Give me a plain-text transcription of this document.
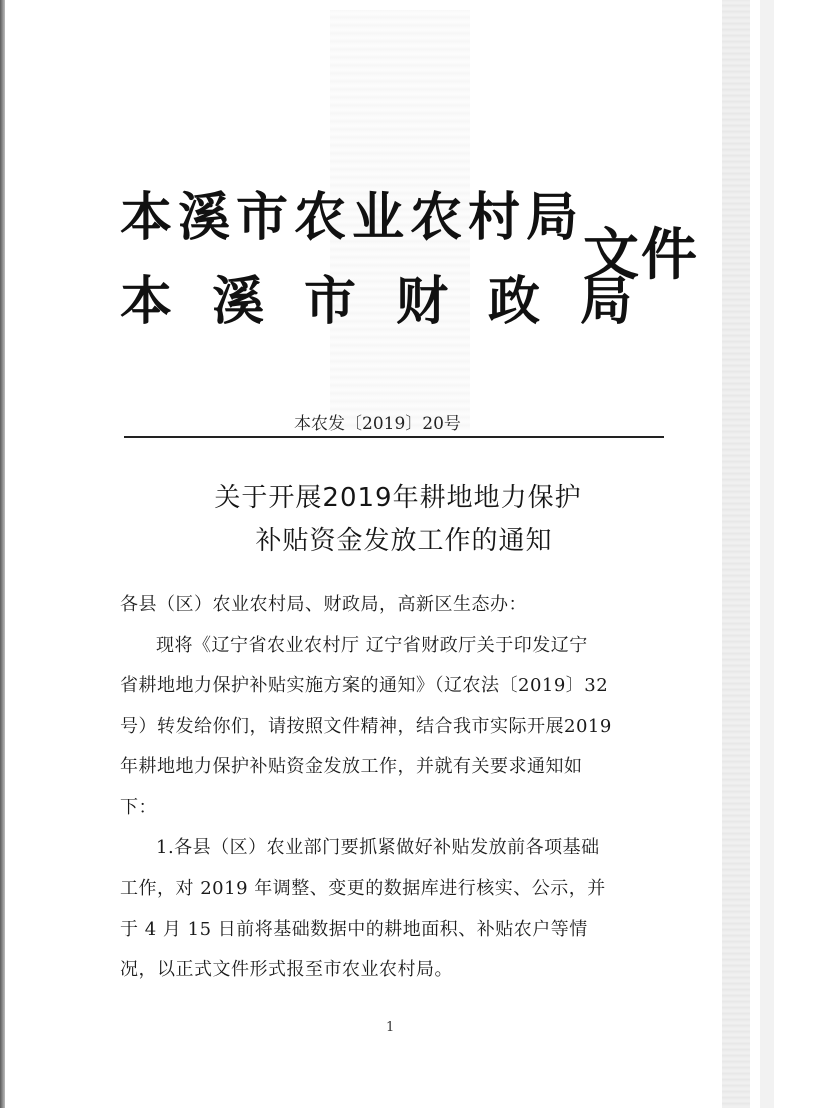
本溪市农业农村局
本溪市财政局
文件
本农发〔2019〕20号
关于开展2019年耕地地力保护
补贴资金发放工作的通知
各县（区）农业农村局、财政局，高新区生态办：
现将《辽宁省农业农村厅 辽宁省财政厅关于印发辽宁
省耕地地力保护补贴实施方案的通知》（辽农法〔2019〕32
号）转发给你们，请按照文件精神，结合我市实际开展2019
年耕地地力保护补贴资金发放工作，并就有关要求通知如
下：
1.各县（区）农业部门要抓紧做好补贴发放前各项基础
工作，对 2019 年调整、变更的数据库进行核实、公示，并
于 4 月 15 日前将基础数据中的耕地面积、补贴农户等情
况，以正式文件形式报至市农业农村局。
1
